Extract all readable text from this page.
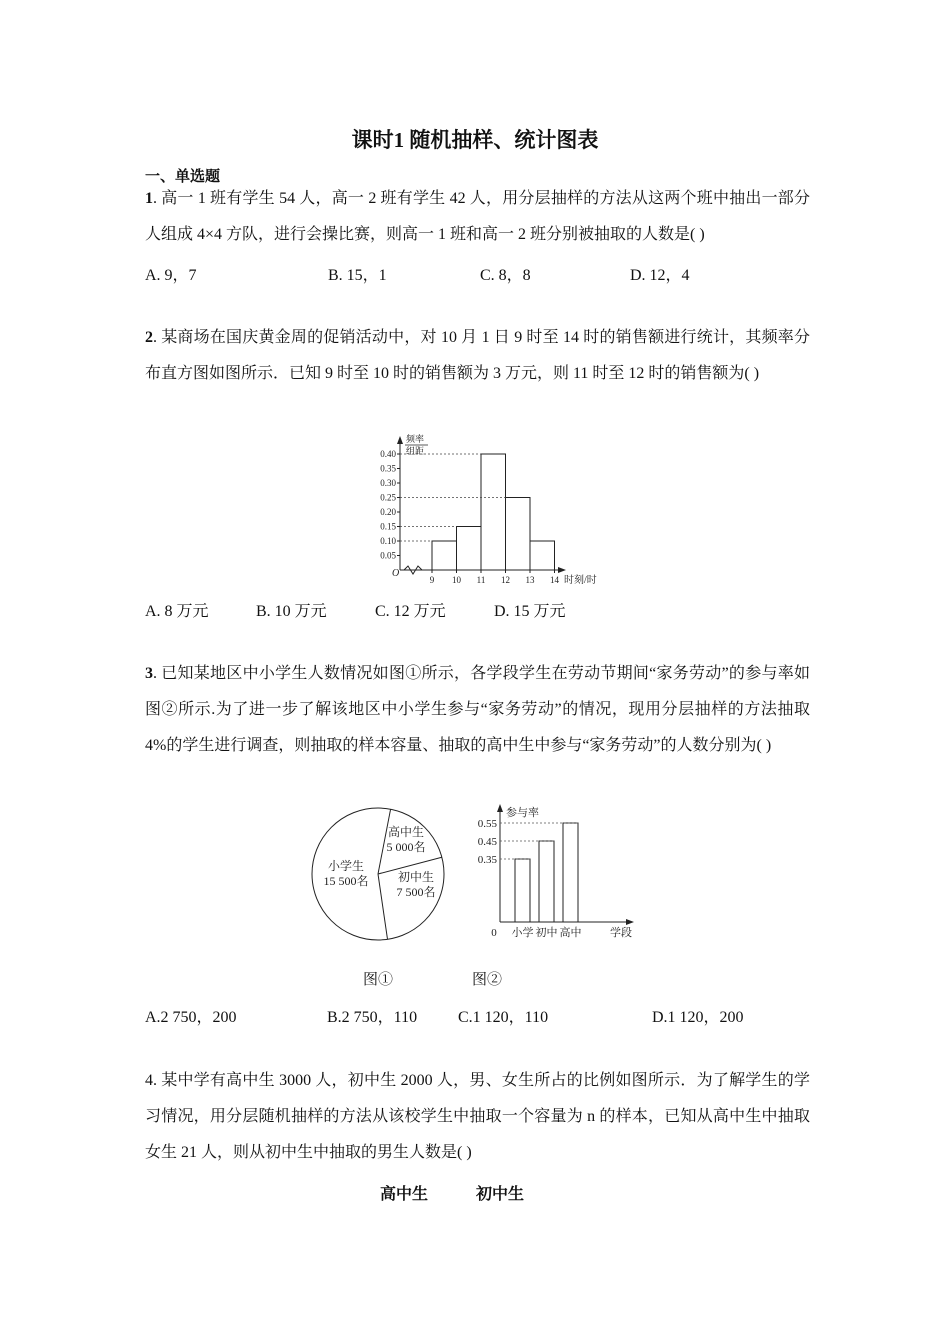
课时1 随机抽样、统计图表
一、单选题
1. 高一 1 班有学生 54 人，高一 2 班有学生 42 人，用分层抽样的方法从这两个班中抽出一部分人组成 4×4 方队，进行会操比赛，则高一 1 班和高一 2 班分别被抽取的人数是( )
A. 9，7	B. 15，1	C. 8，8	D. 12，4
2. 某商场在国庆黄金周的促销活动中，对 10 月 1 日 9 时至 14 时的销售额进行统计，其频率分布直方图如图所示．已知 9 时至 10 时的销售额为 3 万元，则 11 时至 12 时的销售额为( )
频率
组距
O
0.40
0.35
0.30
0.25
0.20
0.15
0.10
0.05
9 10 11 12 13 14 时刻/时
A. 8 万元	B. 10 万元	C. 12 万元	D. 15 万元
3. 已知某地区中小学生人数情况如图①所示，各学段学生在劳动节期间“家务劳动”的参与率如图②所示.为了进一步了解该地区中小学生参与“家务劳动”的情况，现用分层抽样的方法抽取 4%的学生进行调查，则抽取的样本容量、抽取的高中生中参与“家务劳动”的人数分别为( )
高中生
5 000名
初中生
7 500名
小学生
15 500名
参与率
0 小学 初中 高中
0.55
0.45
0.35
学段
图①	图②
A.2 750，200	B.2 750，110	C.1 120，110	D.1 120，200
4. 某中学有高中生 3000 人，初中生 2000 人，男、女生所占的比例如图所示．为了解学生的学习情况，用分层随机抽样的方法从该校学生中抽取一个容量为 n 的样本，已知从高中生中抽取女生 21 人，则从初中生中抽取的男生人数是( )
高中生	初中生
